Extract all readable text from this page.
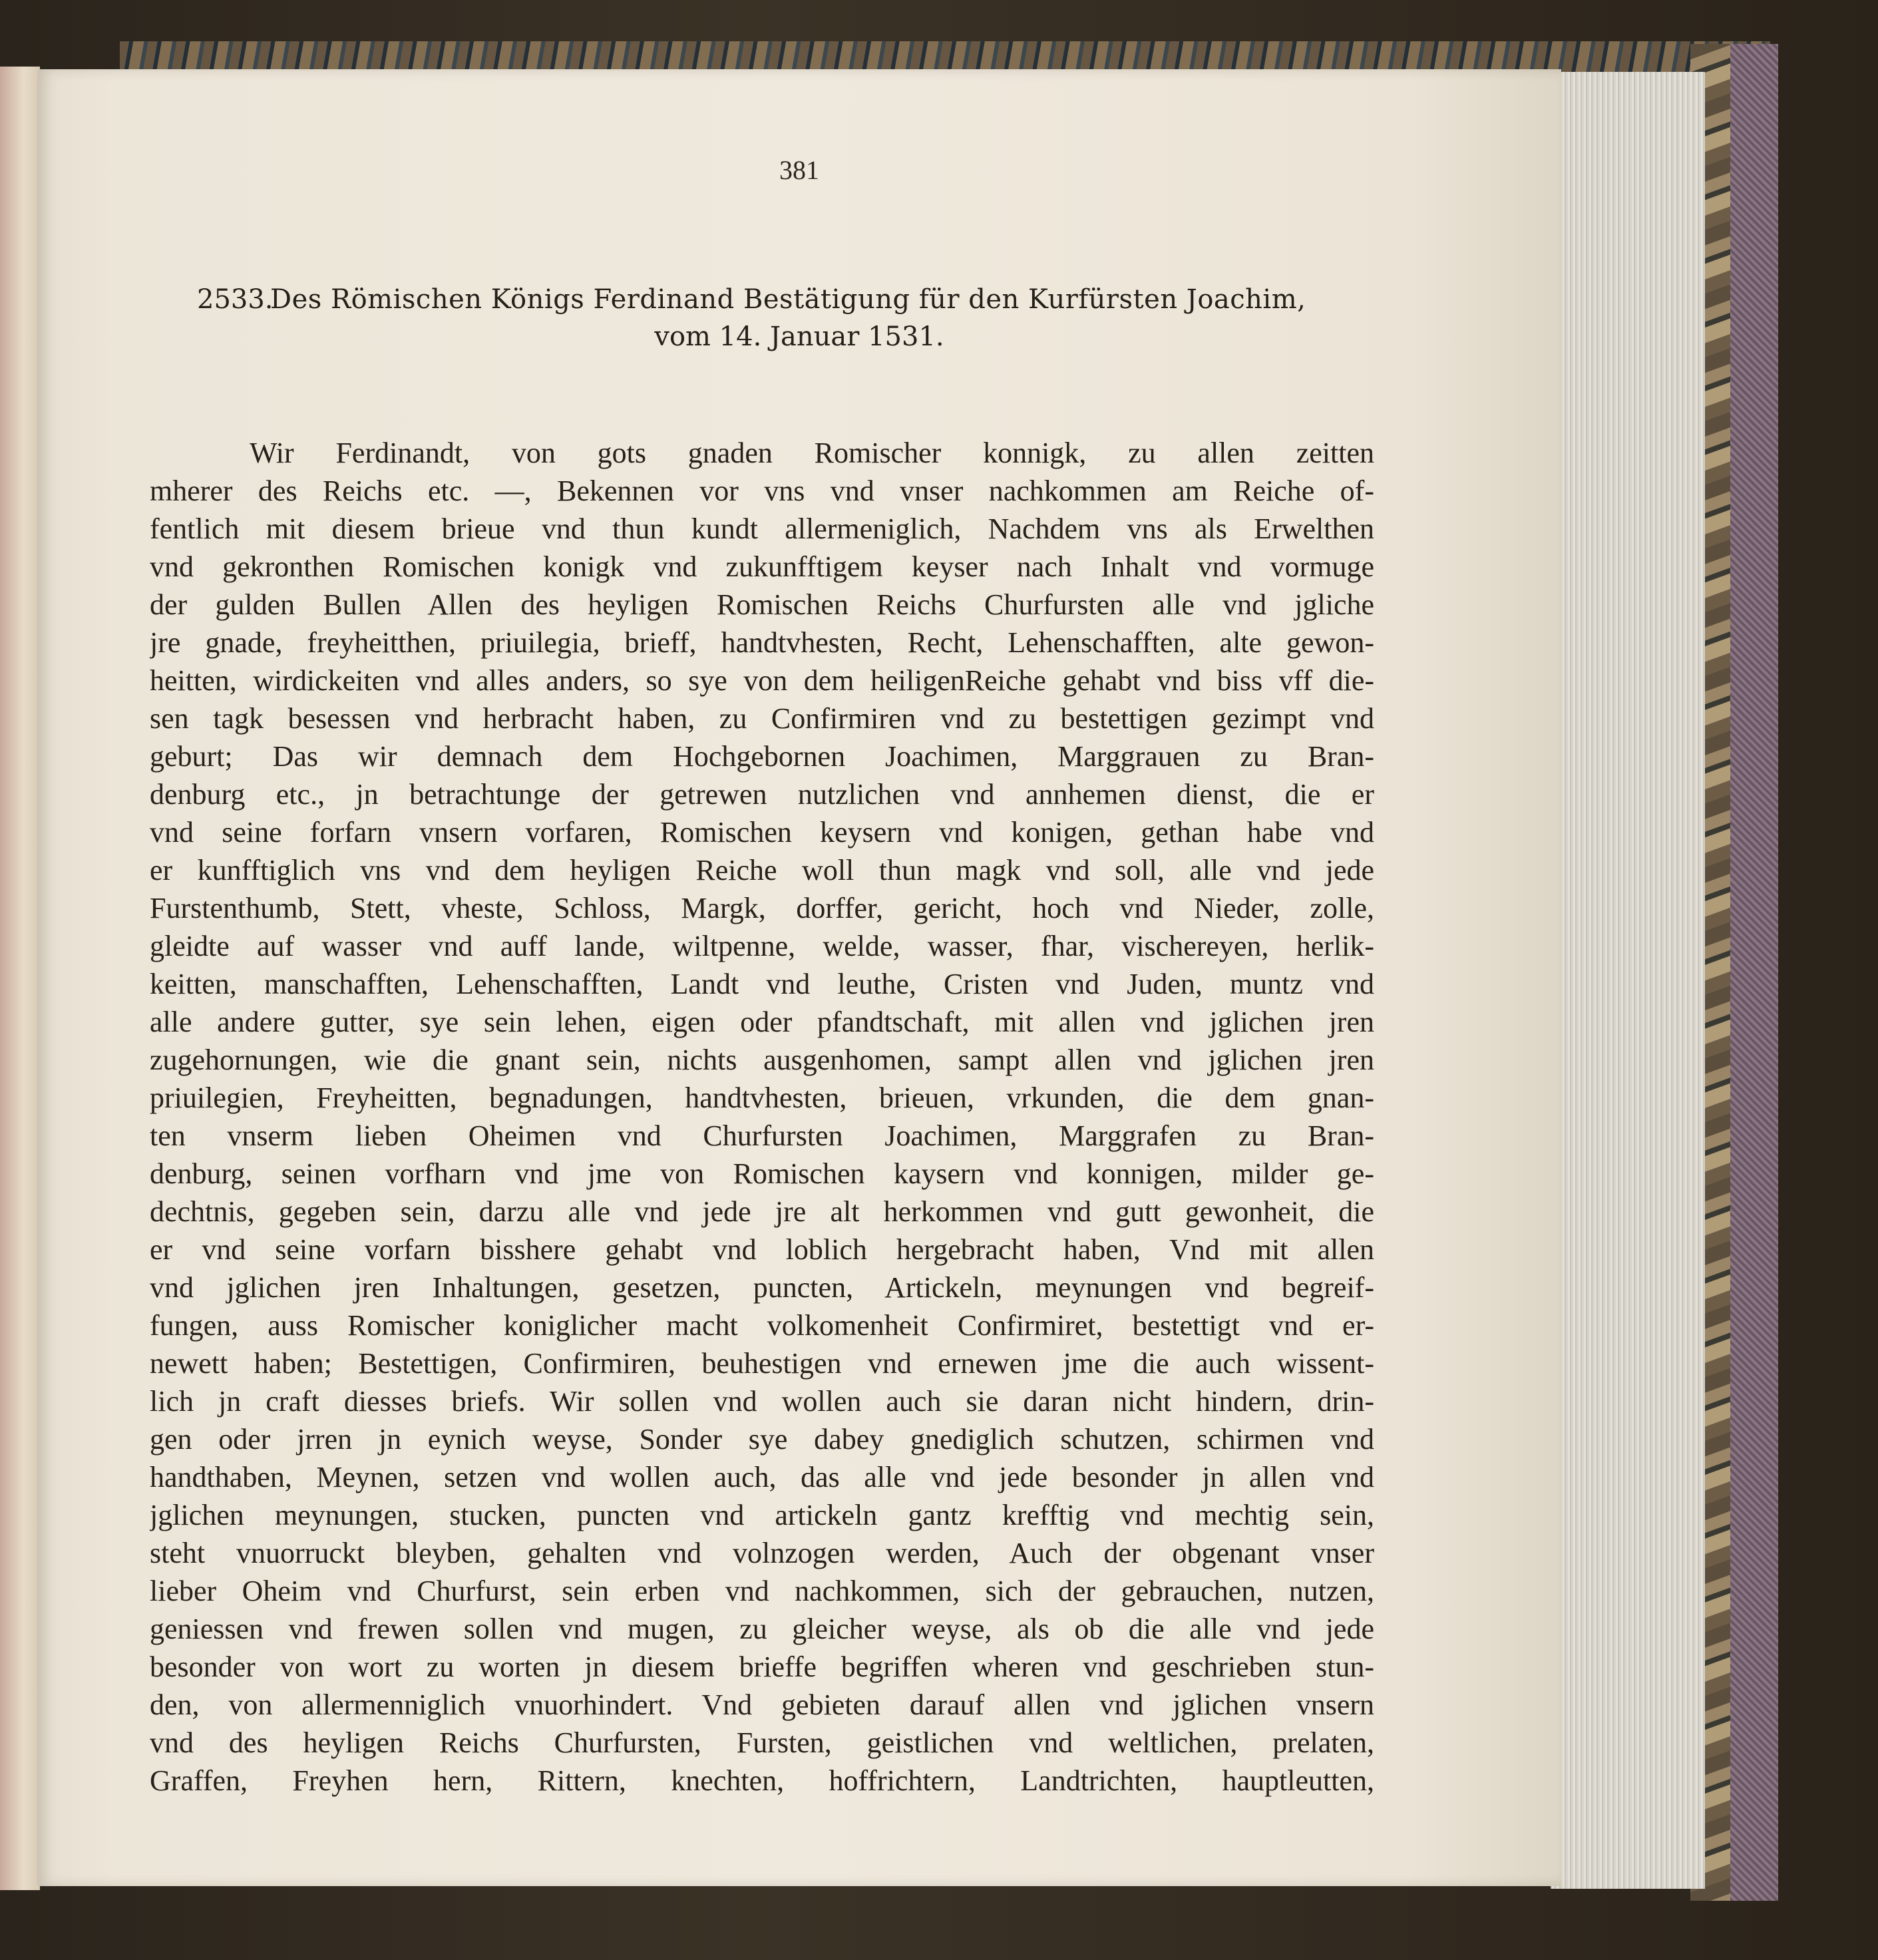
381
2533.
Des Römischen Königs Ferdinand Bestätigung für den Kurfürsten Joachim,
vom 14. Januar 1531.
Wir Ferdinandt, von gots gnaden Romischer konnigk, zu allen zeitten
mherer des Reichs etc. —, Bekennen vor vns vnd vnser nachkommen am Reiche of-
fentlich mit diesem brieue vnd thun kundt allermeniglich, Nachdem vns als Erwelthen
vnd gekronthen Romischen konigk vnd zukunfftigem keyser nach Inhalt vnd vormuge
der gulden Bullen Allen des heyligen Romischen Reichs Churfursten alle vnd jgliche
jre gnade, freyheitthen, priuilegia, brieff, handtvhesten, Recht, Lehenschafften, alte gewon-
heitten, wirdickeiten vnd alles anders, so sye von dem heiligenReiche gehabt vnd biss vff die-
sen tagk besessen vnd herbracht haben, zu Confirmiren vnd zu bestettigen gezimpt vnd
geburt; Das wir demnach dem Hochgebornen Joachimen, Marggrauen zu Bran-
denburg etc., jn betrachtunge der getrewen nutzlichen vnd annhemen dienst, die er
vnd seine forfarn vnsern vorfaren, Romischen keysern vnd konigen, gethan habe vnd
er kunfftiglich vns vnd dem heyligen Reiche woll thun magk vnd soll, alle vnd jede
Furstenthumb, Stett, vheste, Schloss, Margk, dorffer, gericht, hoch vnd Nieder, zolle,
gleidte auf wasser vnd auff lande, wiltpenne, welde, wasser, fhar, vischereyen, herlik-
keitten, manschafften, Lehenschafften, Landt vnd leuthe, Cristen vnd Juden, muntz vnd
alle andere gutter, sye sein lehen, eigen oder pfandtschaft, mit allen vnd jglichen jren
zugehornungen, wie die gnant sein, nichts ausgenhomen, sampt allen vnd jglichen jren
priuilegien, Freyheitten, begnadungen, handtvhesten, brieuen, vrkunden, die dem gnan-
ten vnserm lieben Oheimen vnd Churfursten Joachimen, Marggrafen zu Bran-
denburg, seinen vorfharn vnd jme von Romischen kaysern vnd konnigen, milder ge-
dechtnis, gegeben sein, darzu alle vnd jede jre alt herkommen vnd gutt gewonheit, die
er vnd seine vorfarn bisshere gehabt vnd loblich hergebracht haben, Vnd mit allen
vnd jglichen jren Inhaltungen, gesetzen, puncten, Artickeln, meynungen vnd begreif-
fungen, auss Romischer koniglicher macht volkomenheit Confirmiret, bestettigt vnd er-
newett haben; Bestettigen, Confirmiren, beuhestigen vnd ernewen jme die auch wissent-
lich jn craft diesses briefs. Wir sollen vnd wollen auch sie daran nicht hindern, drin-
gen oder jrren jn eynich weyse, Sonder sye dabey gnediglich schutzen, schirmen vnd
handthaben, Meynen, setzen vnd wollen auch, das alle vnd jede besonder jn allen vnd
jglichen meynungen, stucken, puncten vnd artickeln gantz krefftig vnd mechtig sein,
steht vnuorruckt bleyben, gehalten vnd volnzogen werden, Auch der obgenant vnser
lieber Oheim vnd Churfurst, sein erben vnd nachkommen, sich der gebrauchen, nutzen,
geniessen vnd frewen sollen vnd mugen, zu gleicher weyse, als ob die alle vnd jede
besonder von wort zu worten jn diesem brieffe begriffen wheren vnd geschrieben stun-
den, von allermenniglich vnuorhindert. Vnd gebieten darauf allen vnd jglichen vnsern
vnd des heyligen Reichs Churfursten, Fursten, geistlichen vnd weltlichen, prelaten,
Graffen, Freyhen hern, Rittern, knechten, hoffrichtern, Landtrichten, hauptleutten,
